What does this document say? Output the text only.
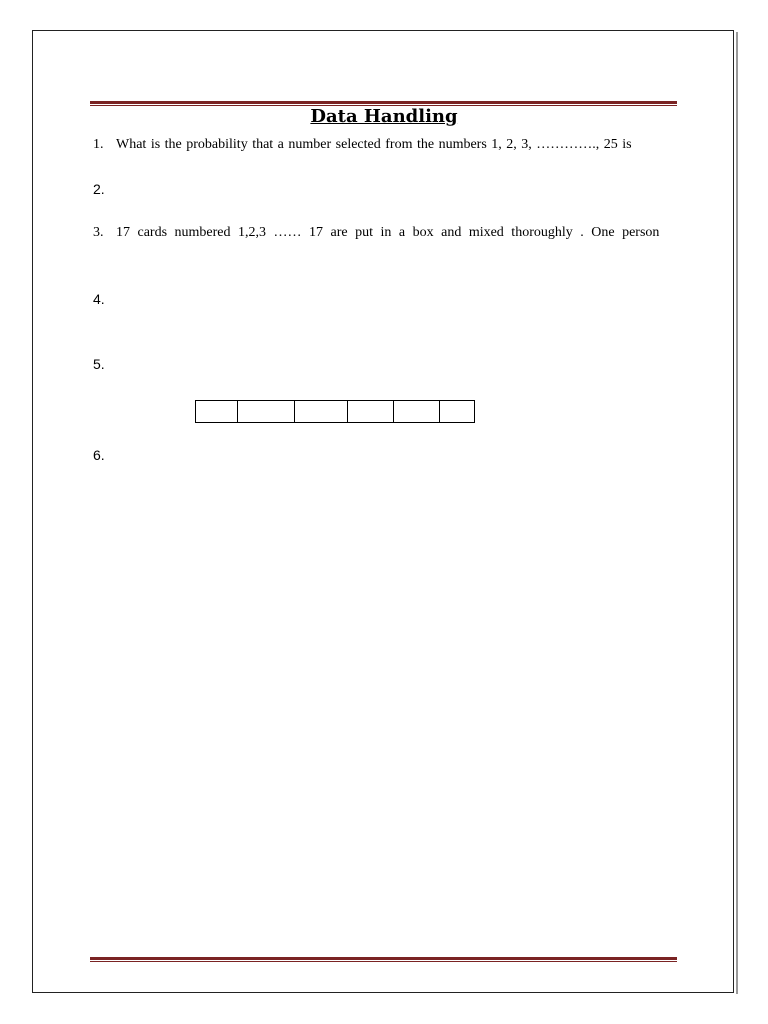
Data Handling
1. What is the probability that a number selected from the numbers 1, 2, 3, …………., 25 is
2.
3. 17 cards numbered 1,2,3 …… 17 are put in a box and mixed thoroughly . One person
4.
5.
6.
